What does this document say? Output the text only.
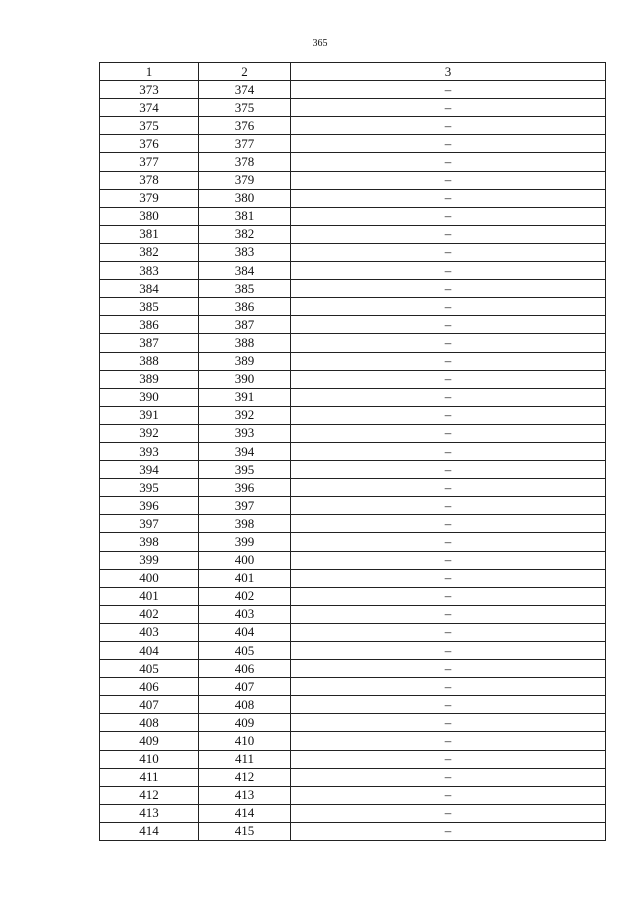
365
1	2	3
373	374	–
374	375	–
375	376	–
376	377	–
377	378	–
378	379	–
379	380	–
380	381	–
381	382	–
382	383	–
383	384	–
384	385	–
385	386	–
386	387	–
387	388	–
388	389	–
389	390	–
390	391	–
391	392	–
392	393	–
393	394	–
394	395	–
395	396	–
396	397	–
397	398	–
398	399	–
399	400	–
400	401	–
401	402	–
402	403	–
403	404	–
404	405	–
405	406	–
406	407	–
407	408	–
408	409	–
409	410	–
410	411	–
411	412	–
412	413	–
413	414	–
414	415	–
